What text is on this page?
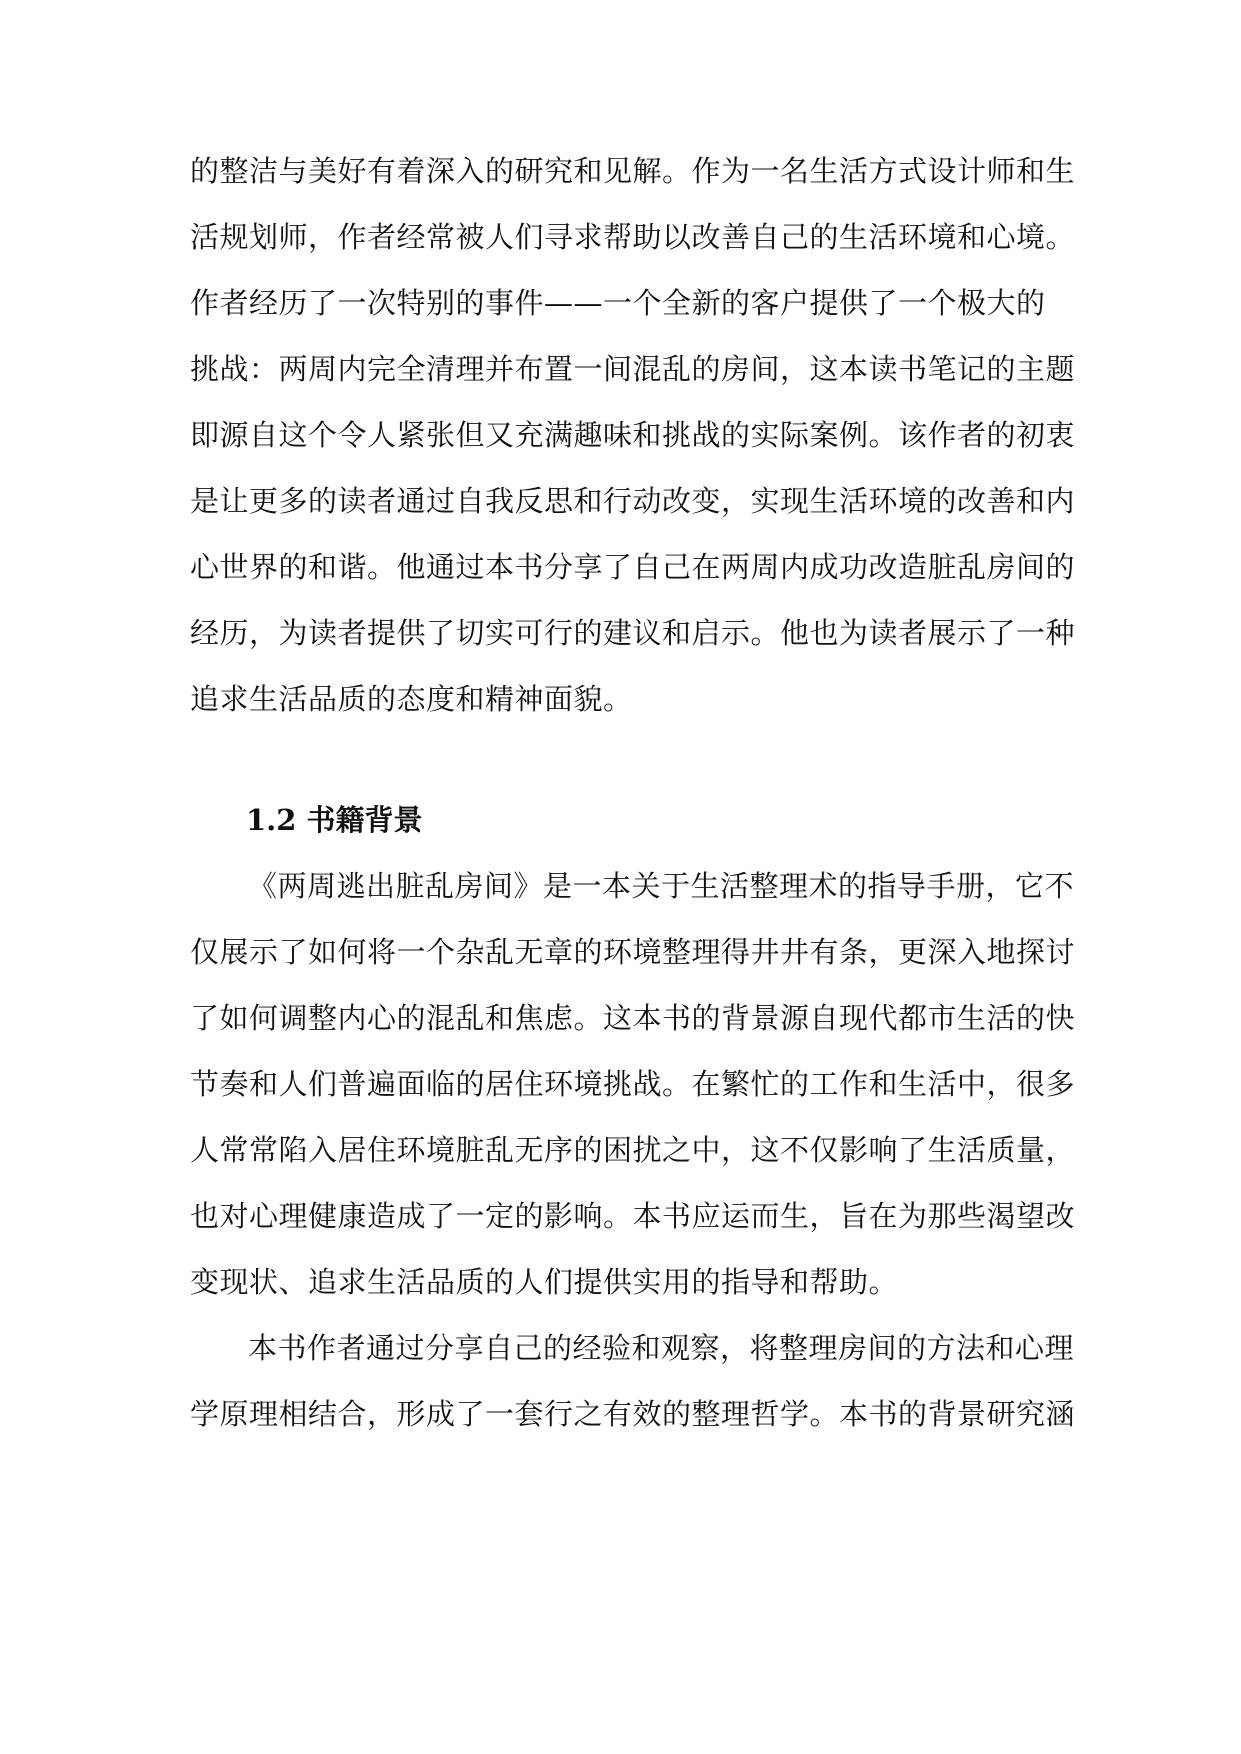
的整洁与美好有着深入的研究和见解。作为一名生活方式设计师和生
活规划师，作者经常被人们寻求帮助以改善自己的生活环境和心境。
作者经历了一次特别的事件——一个全新的客户提供了一个极大的
挑战：两周内完全清理并布置一间混乱的房间，这本读书笔记的主题
即源自这个令人紧张但又充满趣味和挑战的实际案例。该作者的初衷
是让更多的读者通过自我反思和行动改变，实现生活环境的改善和内
心世界的和谐。他通过本书分享了自己在两周内成功改造脏乱房间的
经历，为读者提供了切实可行的建议和启示。他也为读者展示了一种
追求生活品质的态度和精神面貌。
1.2 书籍背景
《两周逃出脏乱房间》是一本关于生活整理术的指导手册，它不
仅展示了如何将一个杂乱无章的环境整理得井井有条，更深入地探讨
了如何调整内心的混乱和焦虑。这本书的背景源自现代都市生活的快
节奏和人们普遍面临的居住环境挑战。在繁忙的工作和生活中，很多
人常常陷入居住环境脏乱无序的困扰之中，这不仅影响了生活质量，
也对心理健康造成了一定的影响。本书应运而生，旨在为那些渴望改
变现状、追求生活品质的人们提供实用的指导和帮助。
本书作者通过分享自己的经验和观察，将整理房间的方法和心理
学原理相结合，形成了一套行之有效的整理哲学。本书的背景研究涵
